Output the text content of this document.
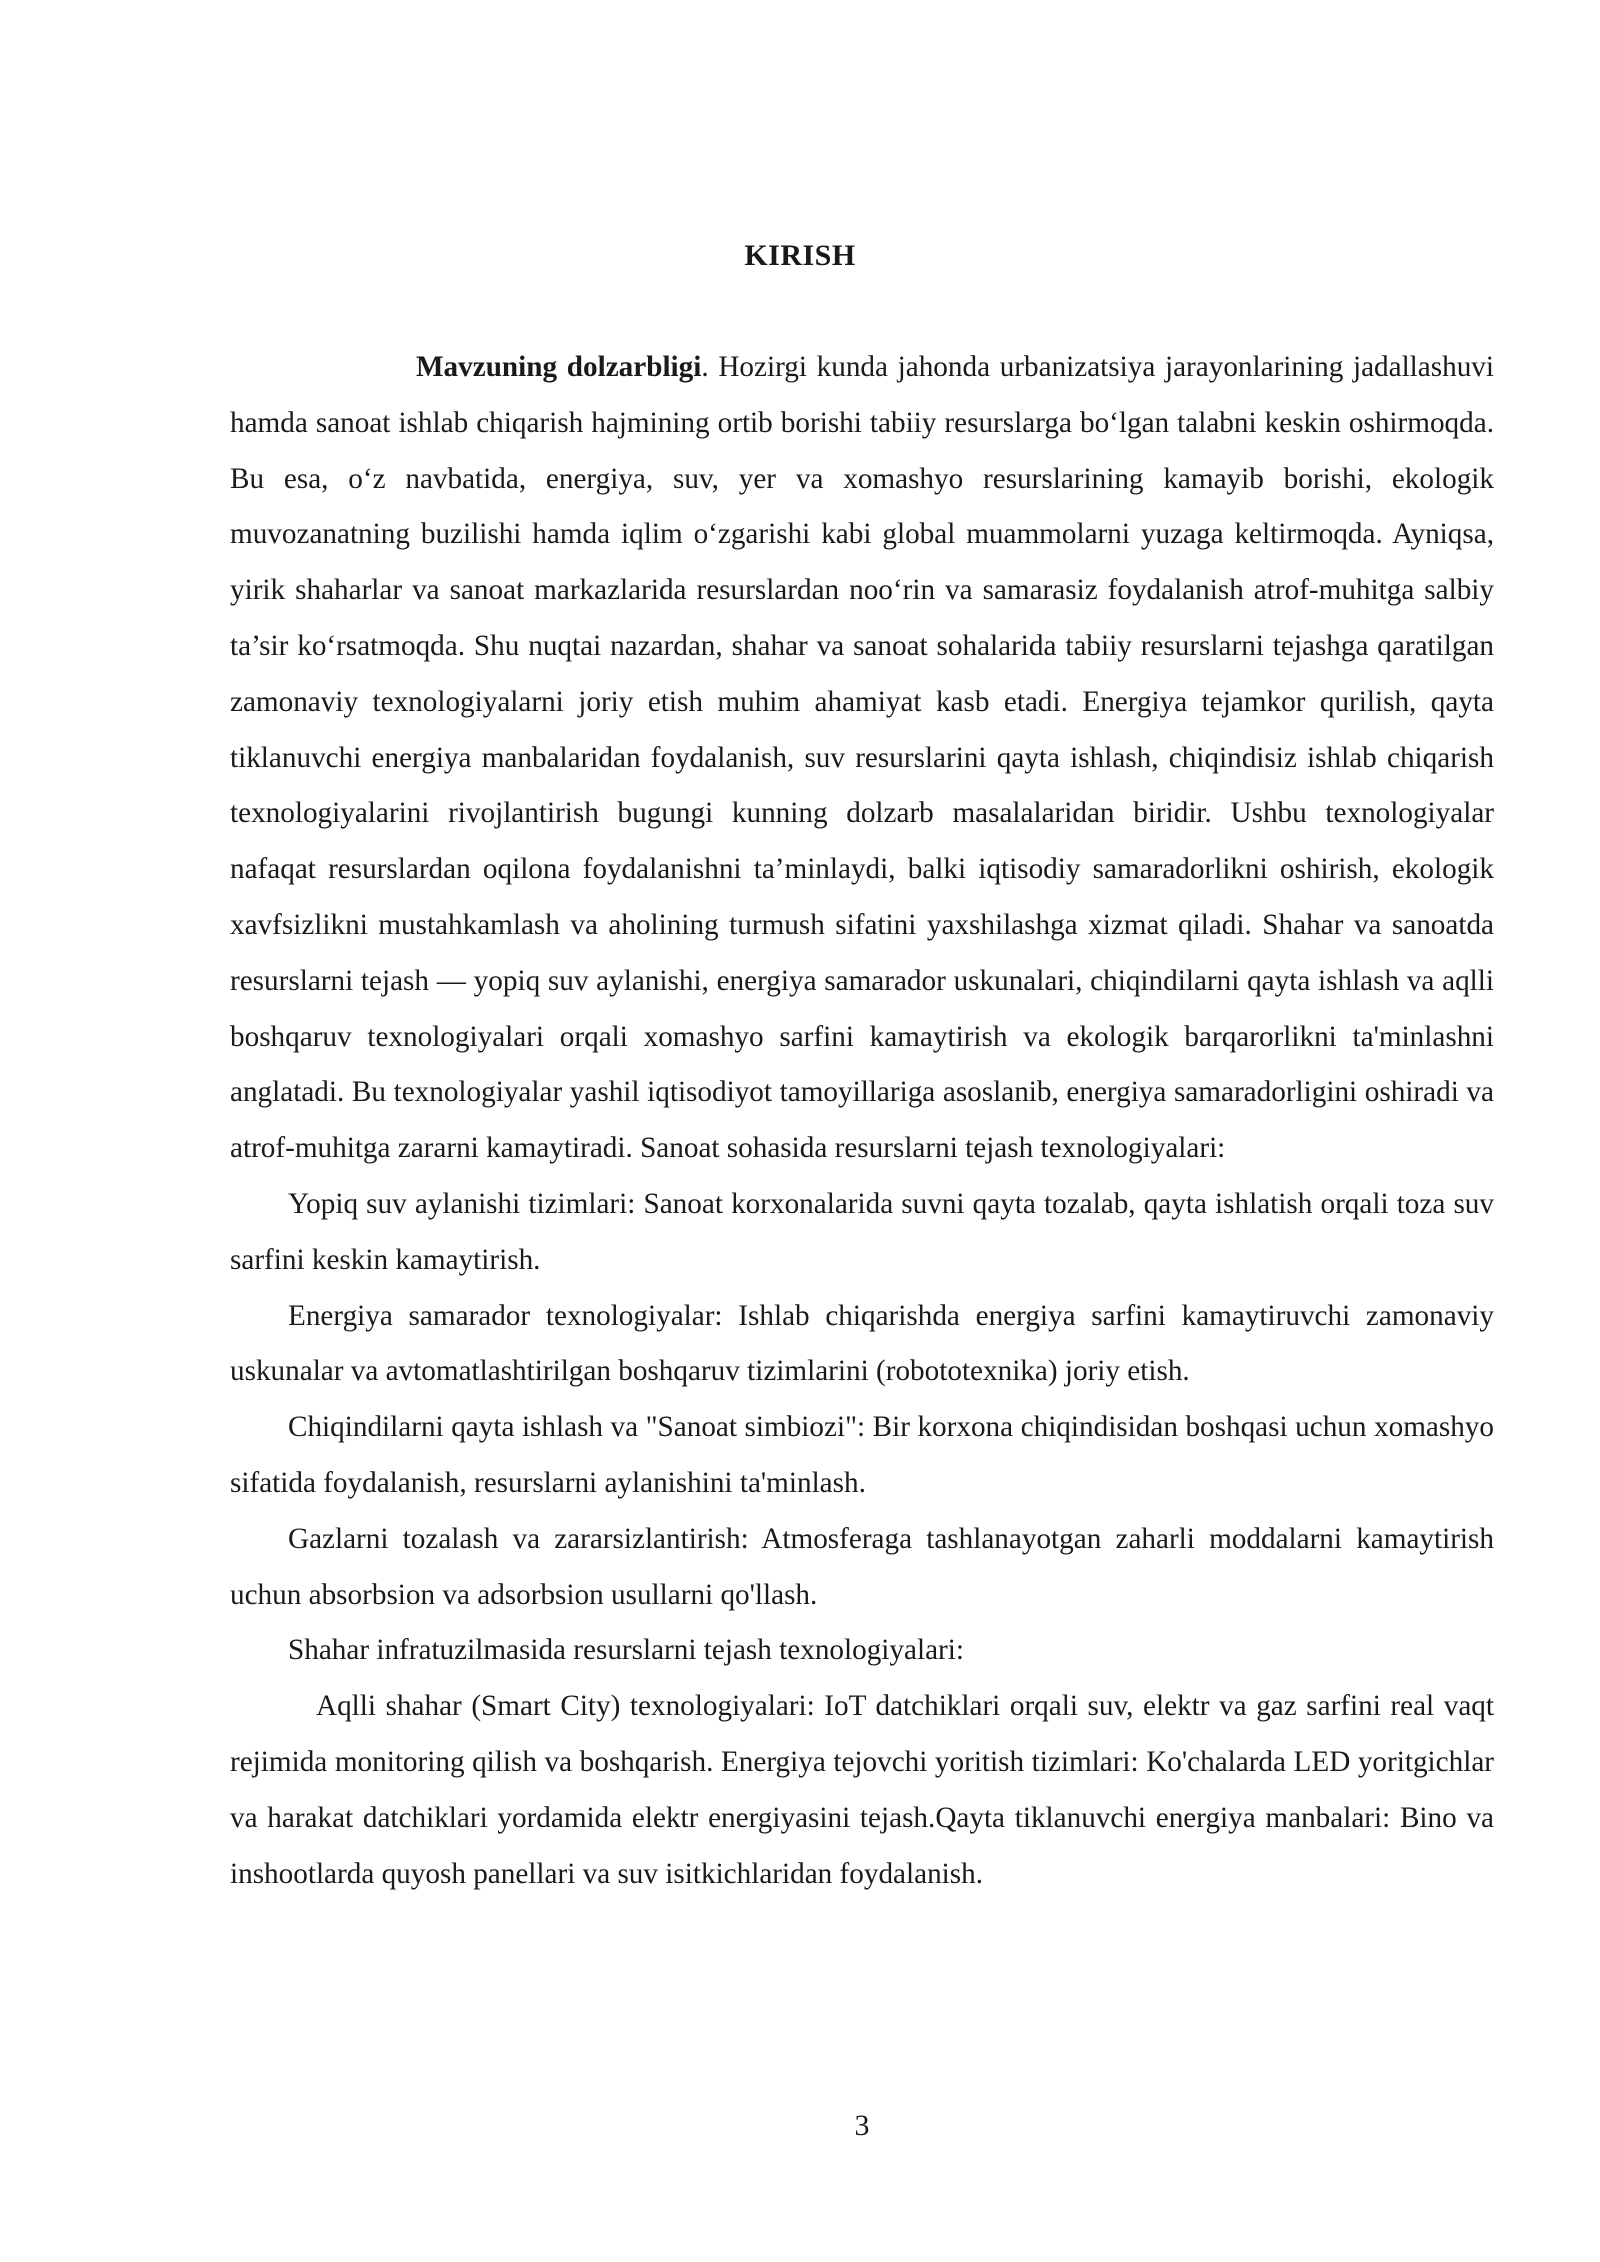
KIRISH

Mavzuning dolzarbligi. Hozirgi kunda jahonda urbanizatsiya jarayonlarining jadallashuvi hamda sanoat ishlab chiqarish hajmining ortib borishi tabiiy resurslarga bo‘lgan talabni keskin oshirmoqda. Bu esa, o‘z navbatida, energiya, suv, yer va xomashyo resurslarining kamayib borishi, ekologik muvozanatning buzilishi hamda iqlim o‘zgarishi kabi global muammolarni yuzaga keltirmoqda. Ayniqsa, yirik shaharlar va sanoat markazlarida resurslardan noo‘rin va samarasiz foydalanish atrof-muhitga salbiy ta’sir ko‘rsatmoqda. Shu nuqtai nazardan, shahar va sanoat sohalarida tabiiy resurslarni tejashga qaratilgan zamonaviy texnologiyalarni joriy etish muhim ahamiyat kasb etadi. Energiya tejamkor qurilish, qayta tiklanuvchi energiya manbalaridan foydalanish, suv resurslarini qayta ishlash, chiqindisiz ishlab chiqarish texnologiyalarini rivojlantirish bugungi kunning dolzarb masalalaridan biridir. Ushbu texnologiyalar nafaqat resurslardan oqilona foydalanishni ta’minlaydi, balki iqtisodiy samaradorlikni oshirish, ekologik xavfsizlikni mustahkamlash va aholining turmush sifatini yaxshilashga xizmat qiladi. Shahar va sanoatda resurslarni tejash — yopiq suv aylanishi, energiya samarador uskunalari, chiqindilarni qayta ishlash va aqlli boshqaruv texnologiyalari orqali xomashyo sarfini kamaytirish va ekologik barqarorlikni ta'minlashni anglatadi. Bu texnologiyalar yashil iqtisodiyot tamoyillariga asoslanib, energiya samaradorligini oshiradi va atrof-muhitga zararni kamaytiradi. Sanoat sohasida resurslarni tejash texnologiyalari:

Yopiq suv aylanishi tizimlari: Sanoat korxonalarida suvni qayta tozalab, qayta ishlatish orqali toza suv sarfini keskin kamaytirish.

Energiya samarador texnologiyalar: Ishlab chiqarishda energiya sarfini kamaytiruvchi zamonaviy uskunalar va avtomatlashtirilgan boshqaruv tizimlarini (robototexnika) joriy etish.

Chiqindilarni qayta ishlash va "Sanoat simbiozi": Bir korxona chiqindisidan boshqasi uchun xomashyo sifatida foydalanish, resurslarni aylanishini ta'minlash.

Gazlarni tozalash va zararsizlantirish: Atmosferaga tashlanayotgan zaharli moddalarni kamaytirish uchun absorbsion va adsorbsion usullarni qo'llash.

Shahar infratuzilmasida resurslarni tejash texnologiyalari:

Aqlli shahar (Smart City) texnologiyalari: IoT datchiklari orqali suv, elektr va gaz sarfini real vaqt rejimida monitoring qilish va boshqarish. Energiya tejovchi yoritish tizimlari: Ko'chalarda LED yoritgichlar va harakat datchiklari yordamida elektr energiyasini tejash.Qayta tiklanuvchi energiya manbalari: Bino va inshootlarda quyosh panellari va suv isitkichlaridan foydalanish.

3
